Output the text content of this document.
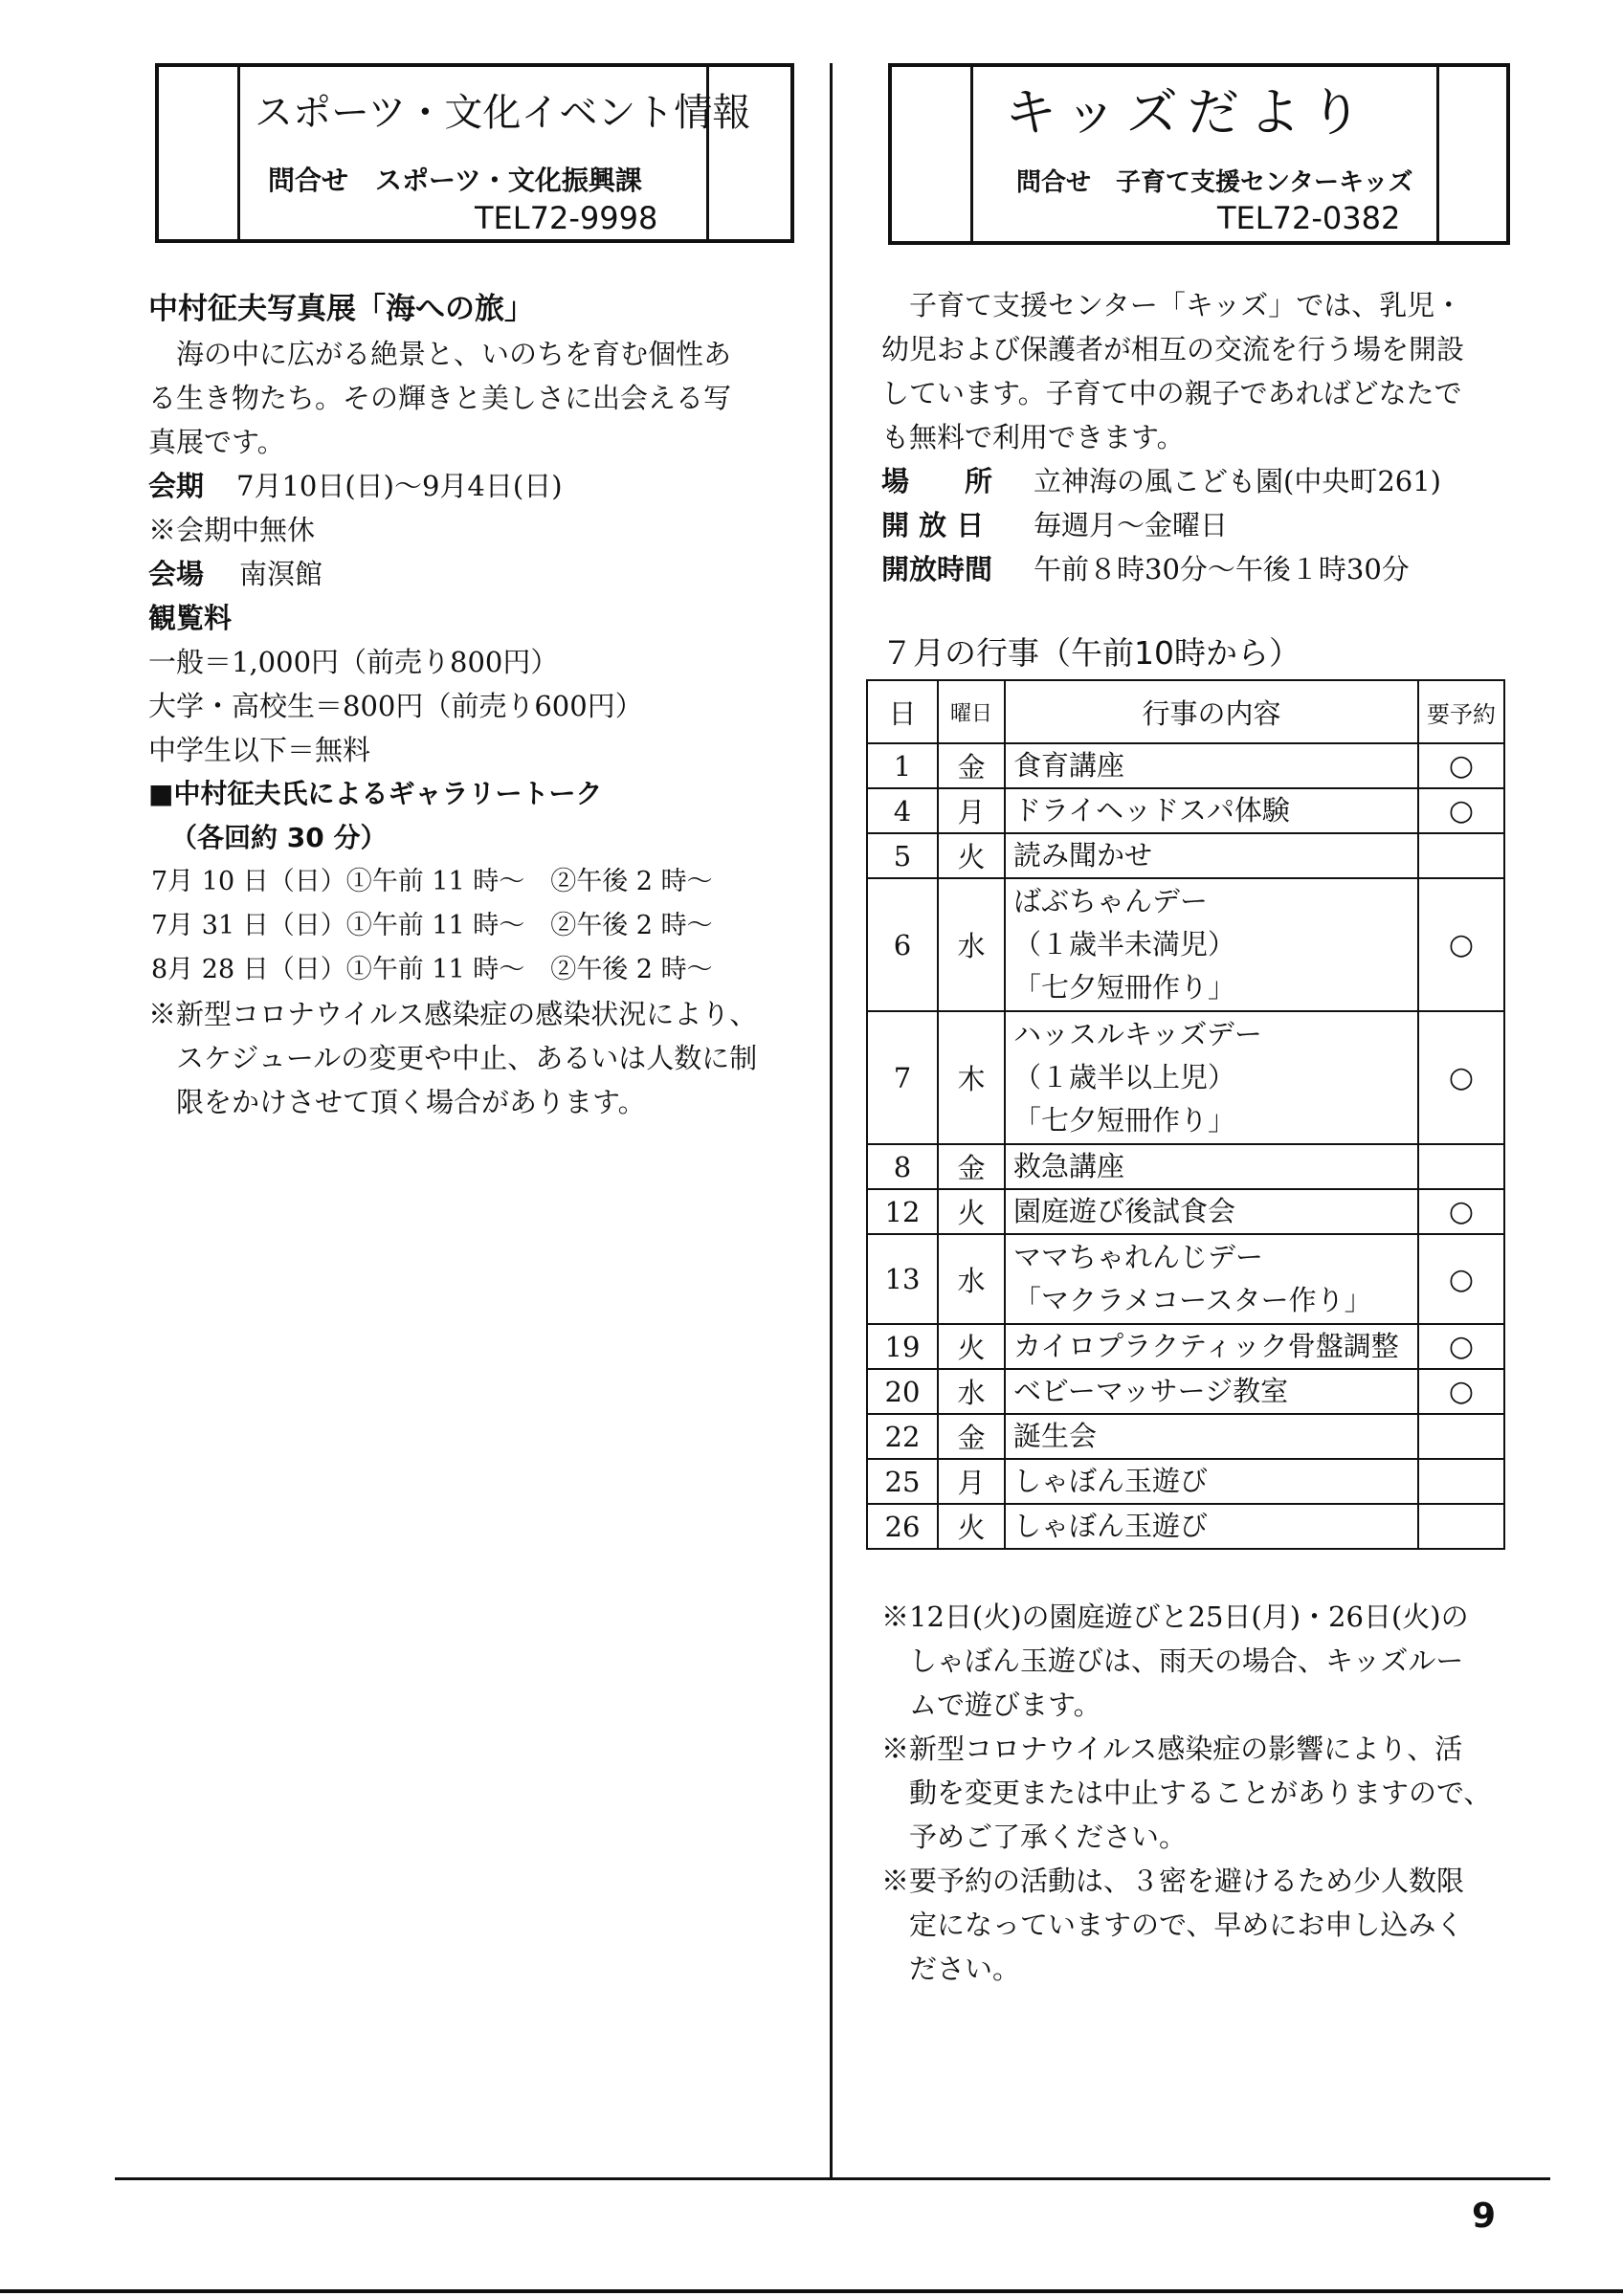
スポーツ・文化イベント情報
問合せ　スポーツ・文化振興課
TEL72-9998
キッズだより
問合せ　子育て支援センターキッズ
TEL72-0382
中村征夫写真展「海への旅」
　海の中に広がる絶景と、いのちを育む個性あ
る生き物たち。その輝きと美しさに出会える写
真展です。
会期 　7月10日(日)～9月4日(日)
※会期中無休
会場 南溟館
観覧料
一般＝1,000円（前売り800円）
大学・高校生＝800円（前売り600円）
中学生以下＝無料
■中村征夫氏によるギャラリートーク
（各回約 30 分）
7月 10 日（日）①午前 11 時～　②午後 2 時～
7月 31 日（日）①午前 11 時～　②午後 2 時～
8月 28 日（日）①午前 11 時～　②午後 2 時～
※新型コロナウイルス感染症の感染状況により、
スケジュールの変更や中止、あるいは人数に制
限をかけさせて頂く場合があります。
　子育て支援センター「キッズ」では、乳児・
幼児および保護者が相互の交流を行う場を開設
しています。子育て中の親子であればどなたで
も無料で利用できます。
場　　所 立神海の風こども園(中央町261)
開 放 日 毎週月～金曜日
開放時間 午前８時30分～午後１時30分
７月の行事（午前10時から）
日	曜日	行事の内容	要予約
1	金	食育講座	○
4	月	ドライヘッドスパ体験	○
5	火	読み聞かせ	

6	水	ばぶちゃんデー
（１歳半未満児）
「七夕短冊作り」	○
7	木	ハッスルキッズデー
（１歳半以上児）
「七夕短冊作り」	○
8	金	救急講座	

12	火	園庭遊び後試食会	○
13	水	ママちゃれんじデー
「マクラメコースター作り」	○
19	火	カイロプラクティック骨盤調整	○
20	水	ベビーマッサージ教室	○
22	金	誕生会	

25	月	しゃぼん玉遊び	

26	火	しゃぼん玉遊び	

※12日(火)の園庭遊びと25日(月)・26日(火)の
　しゃぼん玉遊びは、雨天の場合、キッズルー
　ムで遊びます。
※新型コロナウイルス感染症の影響により、活
　動を変更または中止することがありますので、
　予めご了承ください。
※要予約の活動は、３密を避けるため少人数限
　定になっていますので、早めにお申し込みく
　ださい。
9
